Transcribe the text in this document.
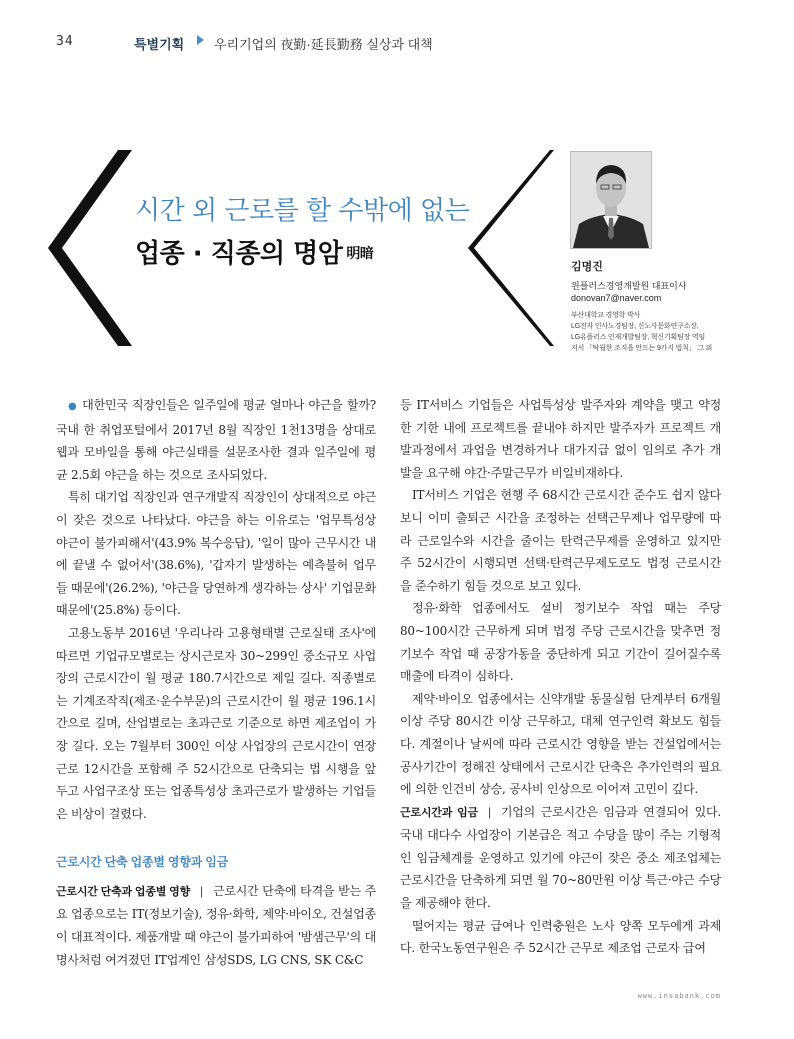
34	특별기획 우리기업의 夜勤·延長勤務 실상과 대책
시간 외 근로를 할 수밖에 없는
업종 · 직종의 명암 明暗
김명진
윈플러스경영개발원 대표이사
donovan7@naver.com
부산대학교 경영학 박사
LG전자 인사노경팀장, 신노사문화연구소장,
LG유플러스 인재개발팀장, 혁신기획팀장 역임
저서 「탁월한 조직을 만드는 9가지 법칙」 그 외

● 대한민국 직장인들은 일주일에 평균 얼마나 야근을 할까? 국내 한 취업포털에서 2017년 8월 직장인 1천13명을 상대로 웹과 모바일을 통해 야근실태를 설문조사한 결과 일주일에 평균 2.5회 야근을 하는 것으로 조사되었다.

특히 대기업 직장인과 연구개발직 직장인이 상대적으로 야근이 잦은 것으로 나타났다. 야근을 하는 이유로는 '업무특성상 야근이 불가피해서'(43.9% 복수응답), '일이 많아 근무시간 내에 끝낼 수 없어서'(38.6%), '갑자기 발생하는 예측불허 업무들 때문에'(26.2%), '야근을 당연하게 생각하는 상사' 기업문화 때문에'(25.8%) 등이다.

고용노동부 2016년 '우리나라 고용형태별 근로실태 조사'에 따르면 기업규모별로는 상시근로자 30~299인 중소규모 사업장의 근로시간이 월 평균 180.7시간으로 제일 길다. 직종별로는 기계조작직(제조·운수부문)의 근로시간이 월 평균 196.1시간으로 길며, 산업별로는 초과근로 기준으로 하면 제조업이 가장 길다. 오는 7월부터 300인 이상 사업장의 근로시간이 연장근로 12시간을 포함해 주 52시간으로 단축되는 법 시행을 앞두고 사업구조상 또는 업종특성상 초과근로가 발생하는 기업들은 비상이 걸렸다.

근로시간 단축 업종별 영향과 임금

근로시간 단축과 업종별 영향 | 근로시간 단축에 타격을 받는 주요 업종으로는 IT(정보기술), 정유·화학, 제약·바이오, 건설업종이 대표적이다. 제품개발 때 야근이 불가피하여 '밤샘근무'의 대명사처럼 여겨졌던 IT업계인 삼성SDS, LG CNS, SK C&C

등 IT서비스 기업들은 사업특성상 발주자와 계약을 맺고 약정한 기한 내에 프로젝트를 끝내야 하지만 발주자가 프로젝트 개발과정에서 과업을 변경하거나 대가지급 없이 임의로 추가 개발을 요구해 야간·주말근무가 비일비재하다.

IT서비스 기업은 현행 주 68시간 근로시간 준수도 쉽지 않다 보니 이미 출퇴근 시간을 조정하는 선택근무제나 업무량에 따라 근로일수와 시간을 줄이는 탄력근무제를 운영하고 있지만 주 52시간이 시행되면 선택·탄력근무제도로도 법정 근로시간을 준수하기 힘들 것으로 보고 있다.

정유·화학 업종에서도 설비 정기보수 작업 때는 주당 80~100시간 근무하게 되며 법정 주당 근로시간을 맞추면 정기보수 작업 때 공장가동을 중단하게 되고 기간이 길어질수록 매출에 타격이 심하다.

제약·바이오 업종에서는 신약개발 동물실험 단계부터 6개월 이상 주당 80시간 이상 근무하고, 대체 연구인력 확보도 힘들다. 계절이나 날씨에 따라 근로시간 영향을 받는 건설업에서는 공사기간이 정해진 상태에서 근로시간 단축은 추가인력의 필요에 의한 인건비 상승, 공사비 인상으로 이어져 고민이 깊다.

근로시간과 임금 | 기업의 근로시간은 임금과 연결되어 있다. 국내 대다수 사업장이 기본급은 적고 수당을 많이 주는 기형적인 임금체계를 운영하고 있기에 야근이 잦은 중소 제조업체는 근로시간을 단축하게 되면 월 70~80만원 이상 특근·야근 수당을 제공해야 한다.

떨어지는 평균 급여나 인력충원은 노사 양쪽 모두에게 과제다. 한국노동연구원은 주 52시간 근무로 제조업 근로자 급여

www.insabank.com
